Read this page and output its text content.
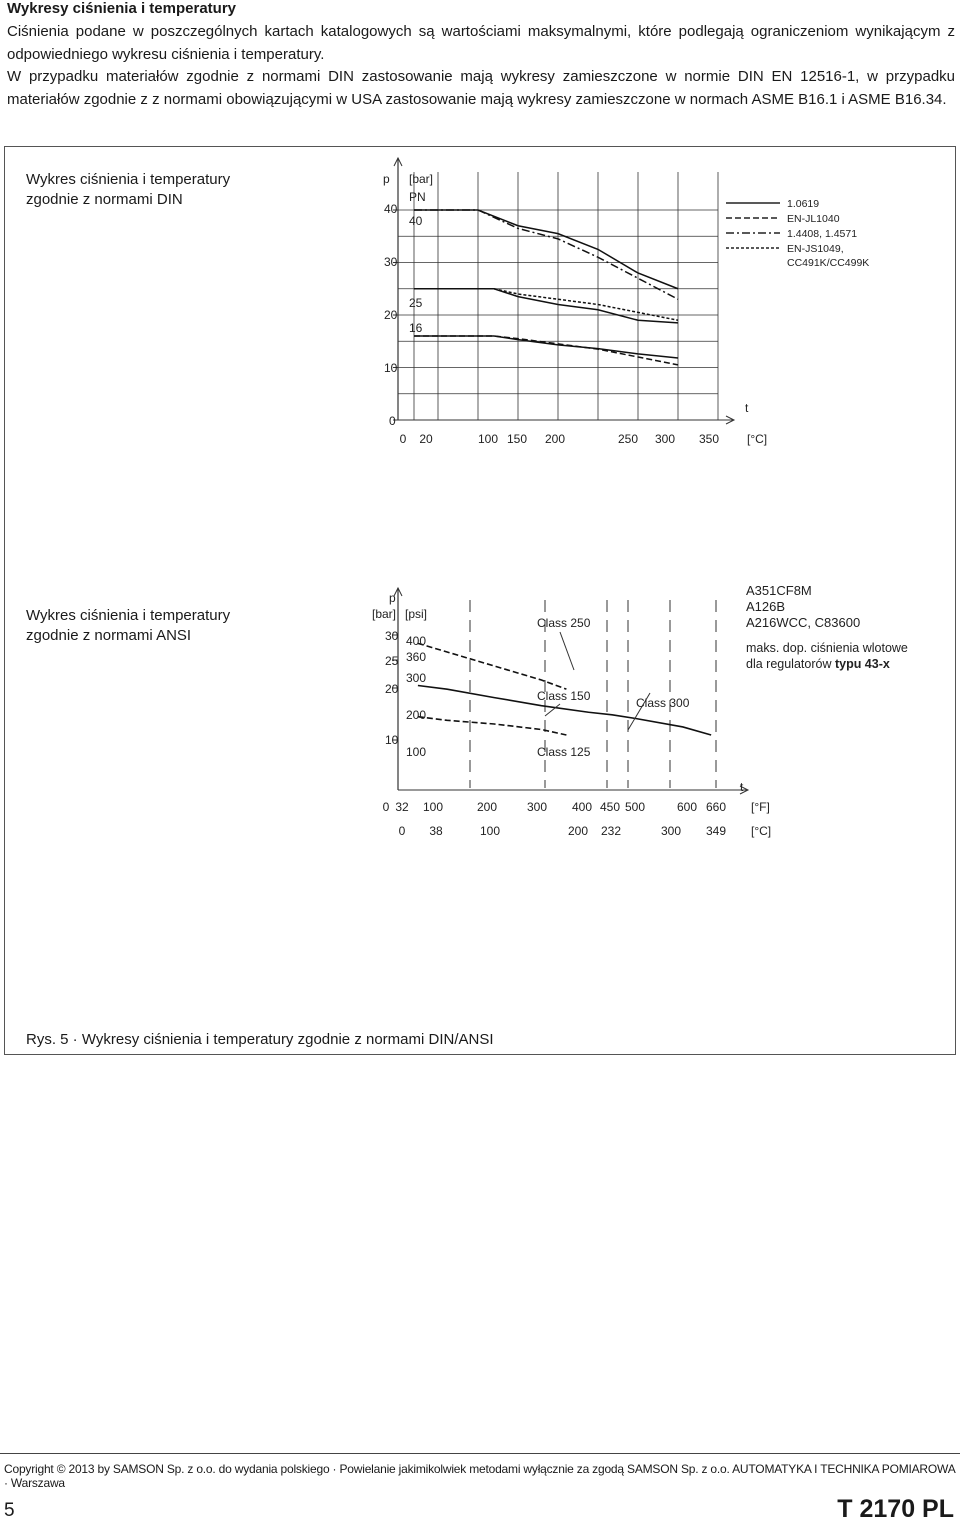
Wykresy ciśnienia i temperatury

Ciśnienia podane w poszczególnych kartach katalogowych są wartościami maksymalnymi, które podlegają ograniczeniom wynikającym z odpowiedniego wykresu ciśnienia i temperatury.

W przypadku materiałów zgodnie z normami DIN zastosowanie mają wykresy zamieszczone w normie DIN EN 12516-1, w przypadku materiałów zgodnie z z normami obowiązującymi w USA zastosowanie mają wykresy zamieszczone w normach ASME B16.1 i ASME B16.34.

Wykres ciśnienia i temperatury
zgodnie z normami DIN
p [bar]
PN
40
25
16
40
30
20
10
0
t
0 20	100 150 200	250 300 350 [°C]
1.0619
EN-JL1040
1.4408, 1.4571
EN-JS1049,
CC491K/CC499K
Wykres ciśnienia i temperatury
zgodnie z normami ANSI
p
[bar] [psi]
30
25
20
10
400
360
300
200
100
Class 250
Class 150	Class 300
Class 125
t
0 32 100	200 300 400 450 500	600 660
0 38	100	200 232	300 349
[°F]
[°C]
A351CF8M
A126B
A216WCC, C83600
maks. dop. ciśnienia wlotowe
dla regulatorów typu 43-x
Rys. 5 · Wykresy ciśnienia i temperatury zgodnie z normami DIN/ANSI
Copyright © 2013 by SAMSON Sp. z o.o. do wydania polskiego · Powielanie jakimikolwiek metodami wyłącznie za zgodą SAMSON Sp. z o.o. AUTOMATYKA I TECHNIKA POMIAROWA · Warszawa
5	T 2170 PL
